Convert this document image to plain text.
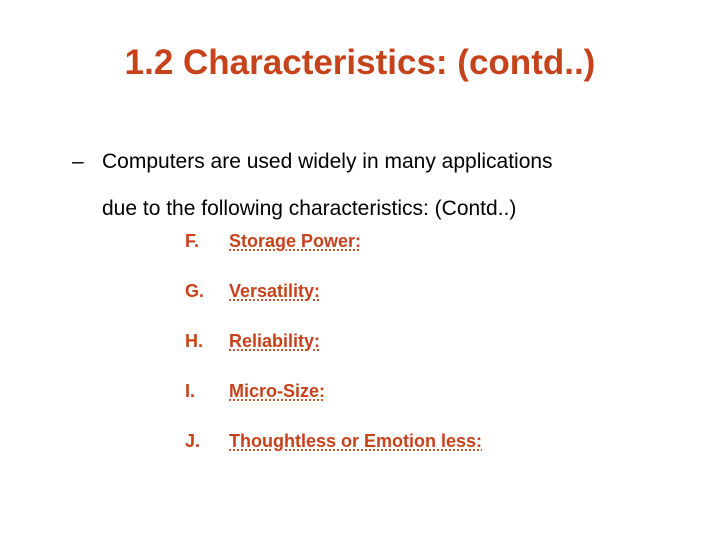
1.2 Characteristics: (contd..)
– Computers are used widely in many applications
due to the following characteristics: (Contd..)
F.	Storage Power:
G.	Versatility:
H.	Reliability:
I.	Micro-Size:
J.	Thoughtless or Emotion less:
